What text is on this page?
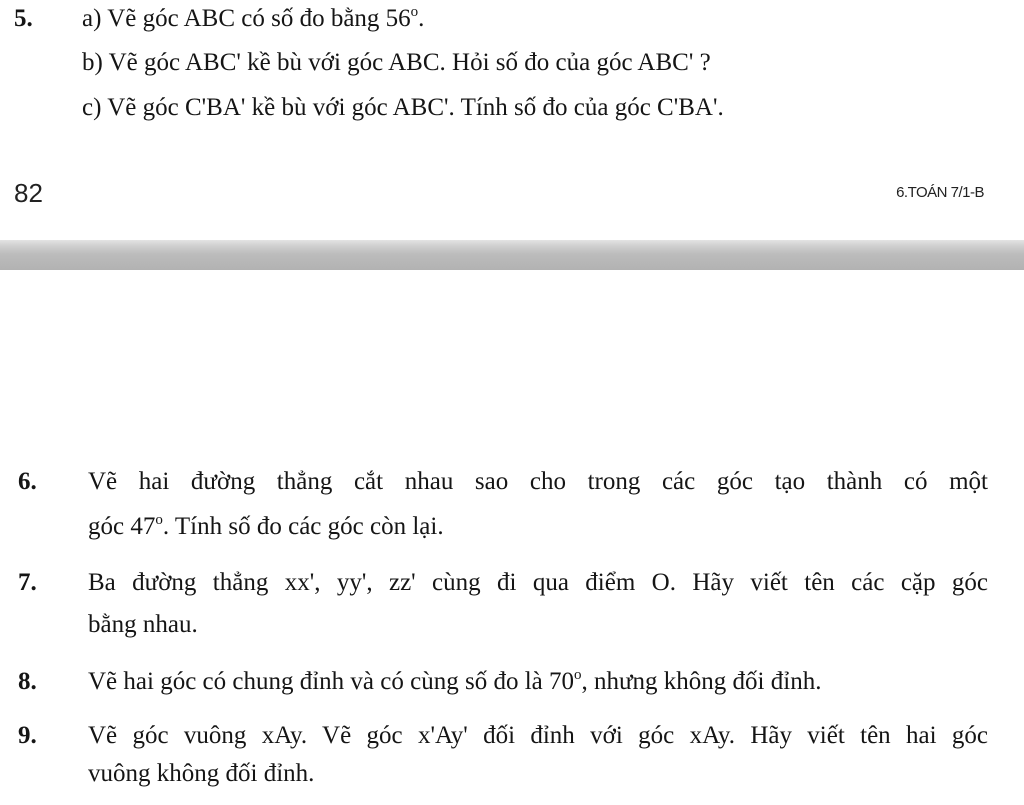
5. a) Vẽ góc ABC có số đo bằng 56$^o$.
b) Vẽ góc ABC' kề bù với góc ABC. Hỏi số đo của góc ABC' ?
c) Vẽ góc C'BA' kề bù với góc ABC'. Tính số đo của góc C'BA'.
82	6.TOÁN 7/1-B
6. Vẽ hai đường thẳng cắt nhau sao cho trong các góc tạo thành có một
góc 47$^o$. Tính số đo các góc còn lại.
7. Ba đường thẳng xx', yy', zz' cùng đi qua điểm O. Hãy viết tên các cặp góc
bằng nhau.
8. Vẽ hai góc có chung đỉnh và có cùng số đo là 70$^o$, nhưng không đối đỉnh.
9. Vẽ góc vuông xAy. Vẽ góc x'Ay' đối đỉnh với góc xAy. Hãy viết tên hai góc
vuông không đối đỉnh.
